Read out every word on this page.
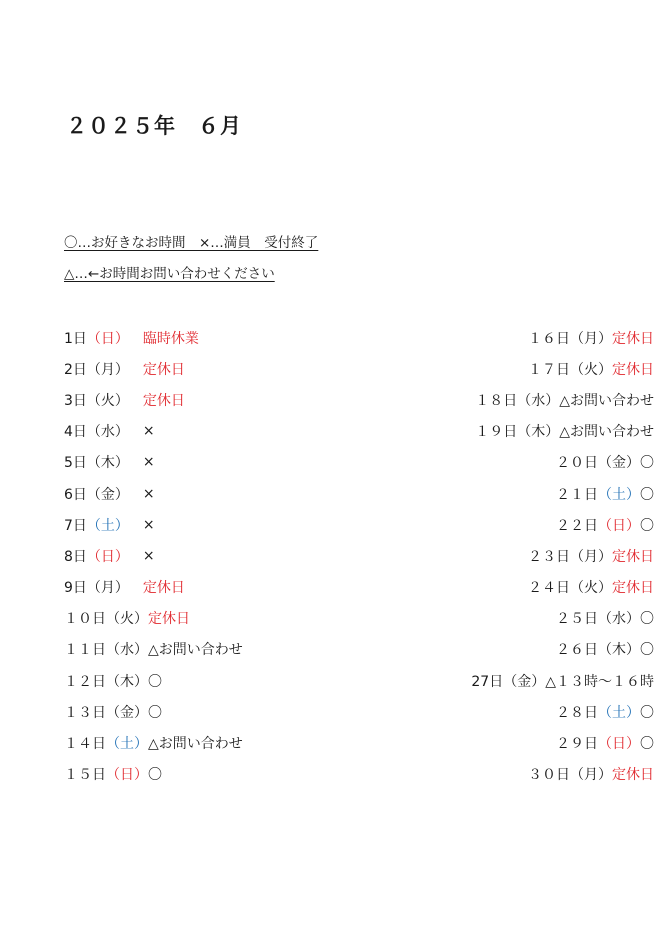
２０２５年　６月
〇…お好きなお時間　×…満員　受付終了
△…←お時間お問い合わせください
1日 （日） 臨時休業
2日 （月） 定休日
3日 （火） 定休日
4日 （水） ×
5日 （木） ×
6日 （金） ×
7日 （土） ×
8日 （日） ×
9日 （月） 定休日
１０日 （火） 定休日
１１日 （水） △お問い合わせ
１２日 （木） 〇
１３日 （金） 〇
１４日 （土） △お問い合わせ
１５日 （日） 〇
１６日 （月） 定休日
１７日 （火） 定休日
１８日 （水） △お問い合わせ
１９日 （木） △お問い合わせ
２０日 （金） 〇
２１日 （土） 〇
２２日 （日） 〇
２３日 （月） 定休日
２４日 （火） 定休日
２５日 （水） 〇
２６日 （木） 〇
27日 （金） △１３時～１６時
２８日 （土） 〇
２９日 （日） 〇
３０日 （月） 定休日
